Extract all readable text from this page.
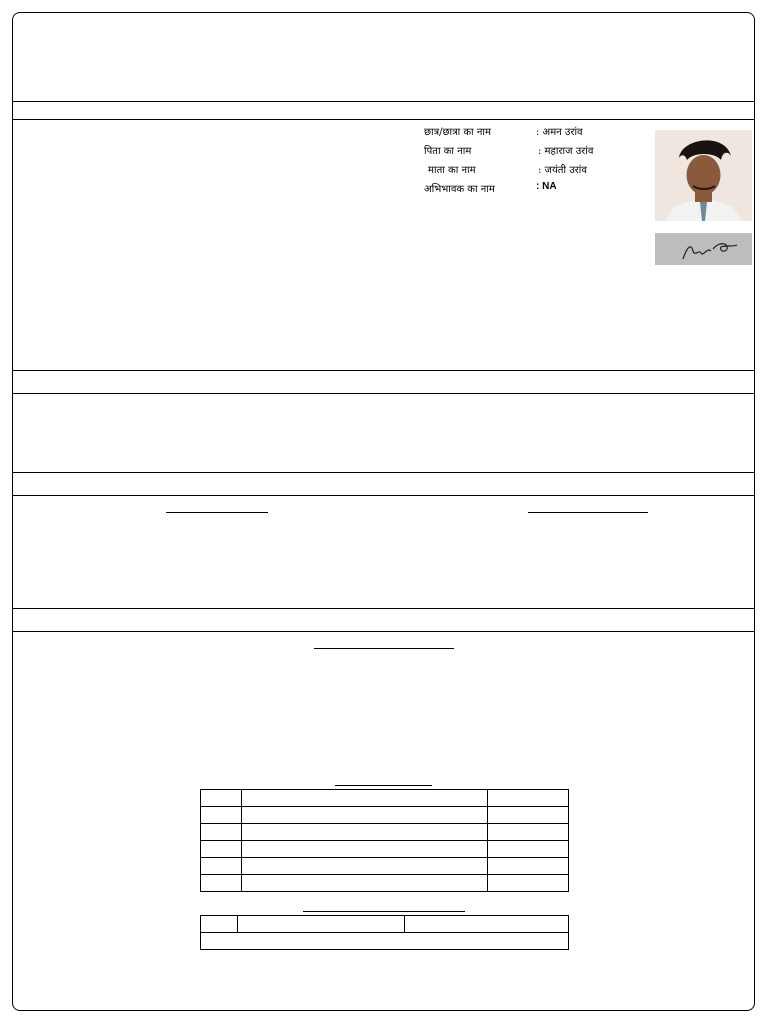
छात्र/छात्रा का नाम	: अमन उरांव
पिता का नाम	: महाराज उरांव
माता का नाम	: जयंती उरांव
अभिभावक का नाम	: NA
